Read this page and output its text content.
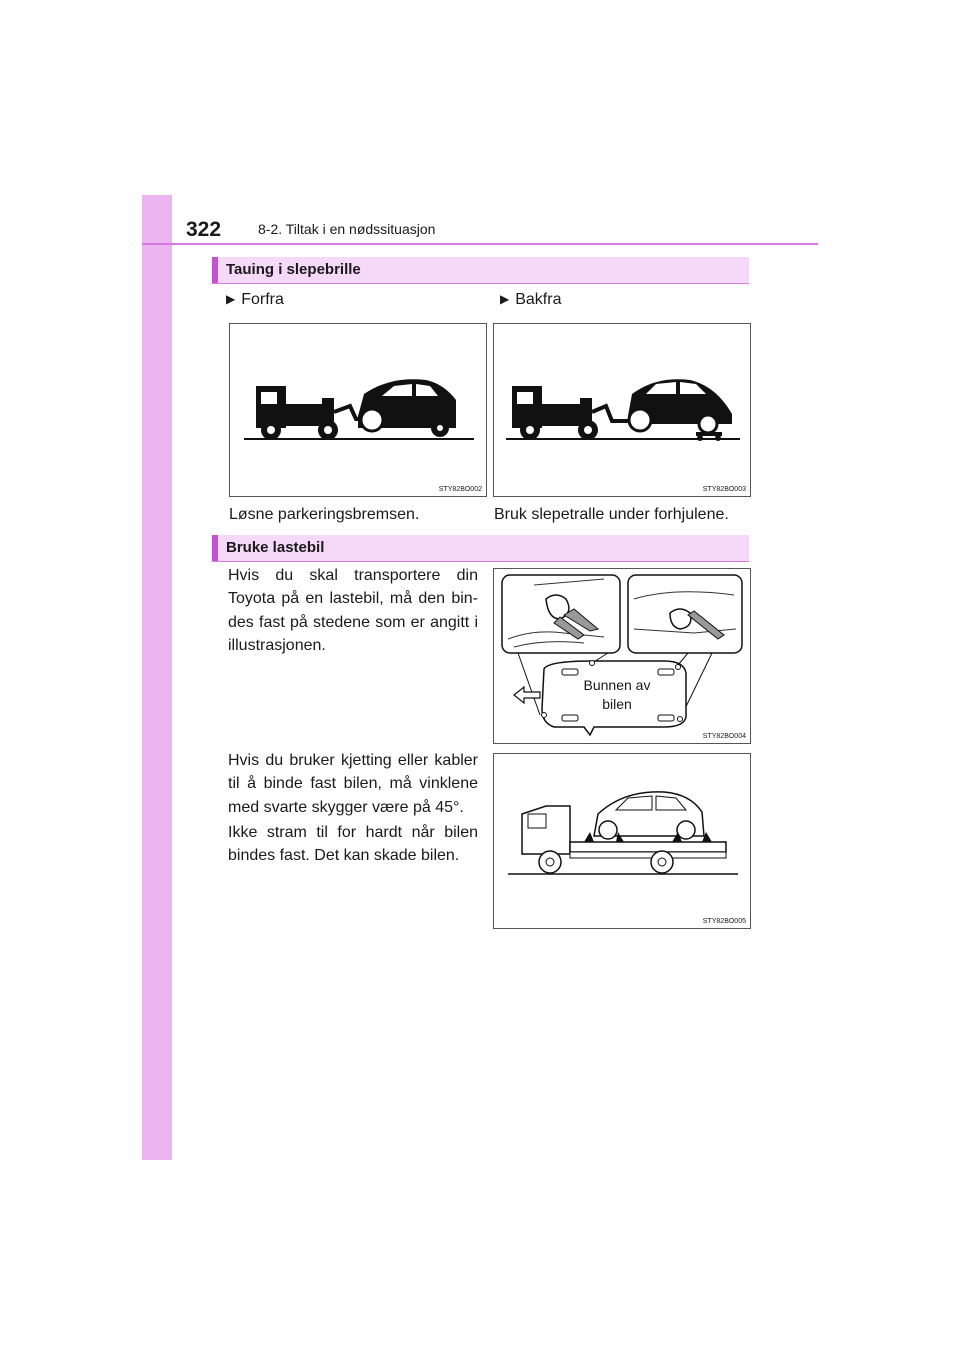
322	8-2. Tiltak i en nødssituasjon
Tauing i slepebrille
▶ Forfra	▶ Bakfra
STY82BO002	STY82BO003
Løsne parkeringsbremsen.	Bruk slepetralle under forhjulene.
Bruke lastebil
Hvis du skal transportere din Toyota på en lastebil, må den bin-des fast på stedene som er angitt i illustrasjonen.
STY82BO004
Bunnen av bilen
Hvis du bruker kjetting eller kabler til å binde fast bilen, må vinklene med svarte skygger være på 45°.
Ikke stram til for hardt når bilen bindes fast. Det kan skade bilen.
STY82BO005
